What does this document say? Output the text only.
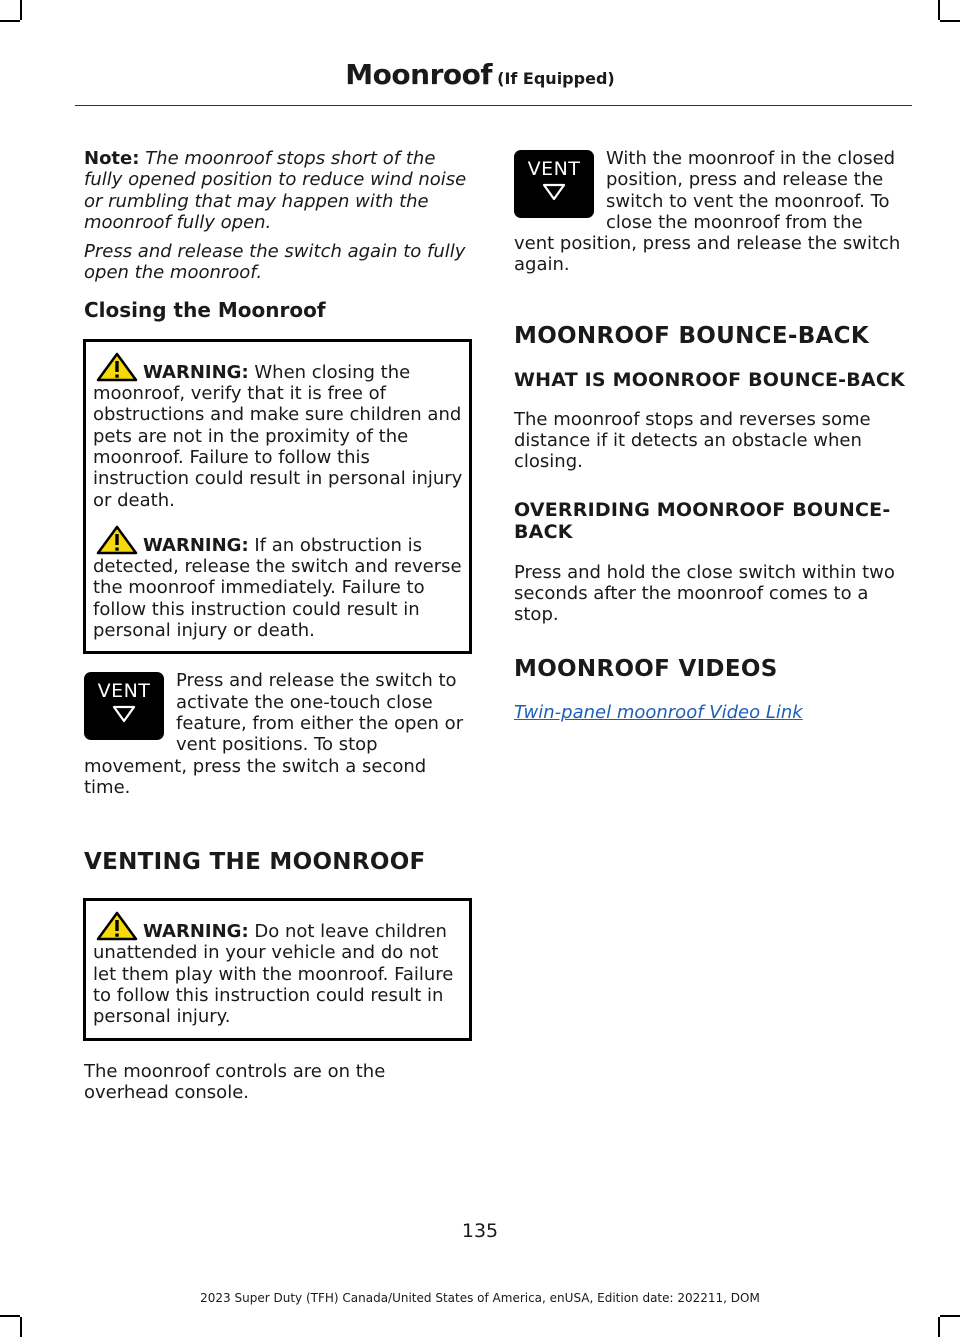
Moonroof (If Equipped)

Note: The moonroof stops short of the fully opened position to reduce wind noise or rumbling that may happen with the moonroof fully open.

Press and release the switch again to fully open the moonroof.

Closing the Moonroof

WARNING: When closing the moonroof, verify that it is free of obstructions and make sure children and pets are not in the proximity of the moonroof. Failure to follow this instruction could result in personal injury or death.

WARNING: If an obstruction is detected, release the switch and reverse the moonroof immediately. Failure to follow this instruction could result in personal injury or death.

VENT	Press and release the switch to activate the one-touch close feature, from either the open or vent positions. To stop movement, press the switch a second time.

VENTING THE MOONROOF

WARNING: Do not leave children unattended in your vehicle and do not let them play with the moonroof. Failure to follow this instruction could result in personal injury.

The moonroof controls are on the overhead console.

VENT	With the moonroof in the closed position, press and release the switch to vent the moonroof. To close the moonroof from the vent position, press and release the switch again.

MOONROOF BOUNCE-BACK
WHAT IS MOONROOF BOUNCE-BACK

The moonroof stops and reverses some distance if it detects an obstacle when closing.

OVERRIDING MOONROOF BOUNCE-BACK

Press and hold the close switch within two seconds after the moonroof comes to a stop.

MOONROOF VIDEOS

Twin-panel moonroof Video Link

135
2023 Super Duty (TFH) Canada/United States of America, enUSA, Edition date: 202211, DOM
